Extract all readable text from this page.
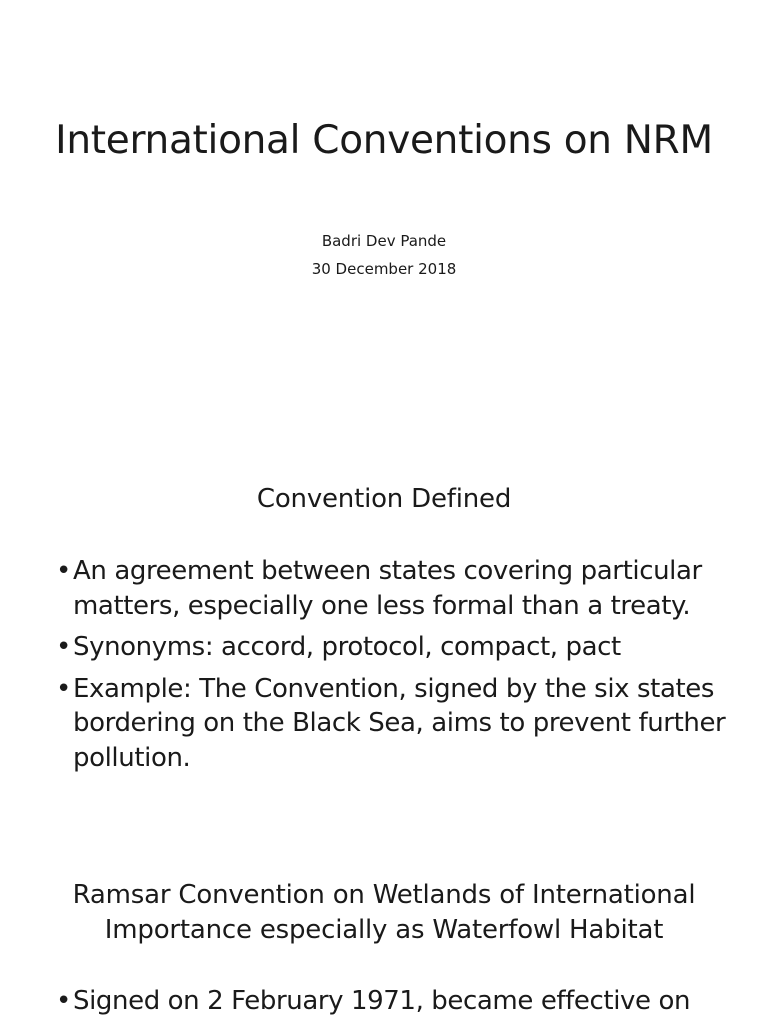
International Conventions on NRM

Badri Dev Pande

30 December 2018

Convention Defined
• An agreement between states covering particular matters, especially one less formal than a treaty.
• Synonyms: accord, protocol, compact, pact
• Example: The Convention, signed by the six states bordering on the Black Sea, aims to prevent further pollution.
Ramsar Convention on Wetlands of International Importance especially as Waterfowl Habitat
• Signed on 2 February 1971, became effective on
